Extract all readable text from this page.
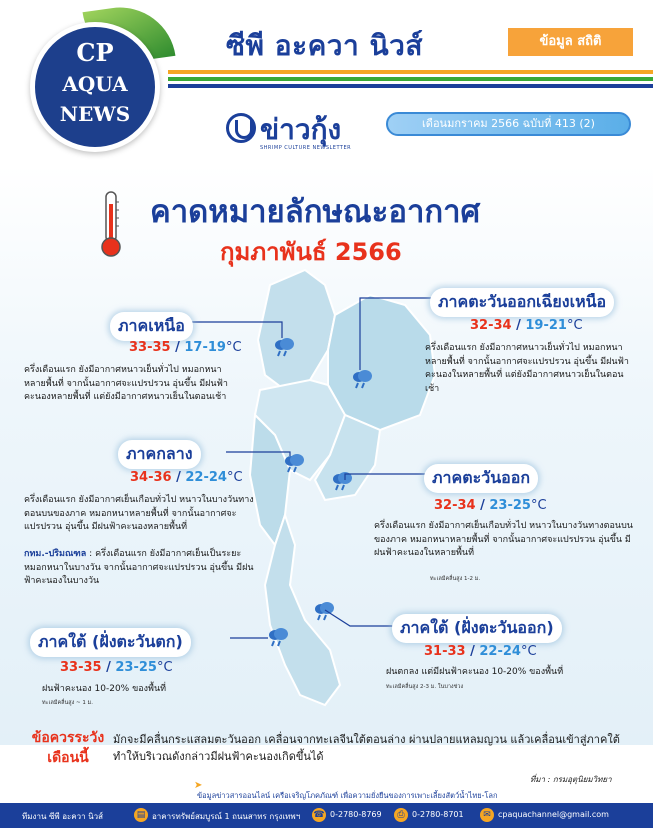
CP
AQUA
NEWS
ซีพี อะควา นิวส์	ข้อมูล สถิติ
ข่าวกุ้ง
SHRIMP CULTURE NEWSLETTER
เดือนมกราคม 2566 ฉบับที่ 413 (2)
คาดหมายลักษณะอากาศ
กุมภาพันธ์ 2566
ภาคเหนือ
33-35 / 17-19°C
ครึ่งเดือนแรก ยังมีอากาศหนาวเย็นทั่วไป หมอกหนาหลายพื้นที่ จากนั้นอากาศจะแปรปรวน อุ่นขึ้น มีฝนฟ้าคะนองหลายพื้นที่ แต่ยังมีอากาศหนาวเย็นในตอนเช้า
ภาคตะวันออกเฉียงเหนือ
32-34 / 19-21°C
ครึ่งเดือนแรก ยังมีอากาศหนาวเย็นทั่วไป หมอกหนาหลายพื้นที่ จากนั้นอากาศจะแปรปรวน อุ่นขึ้น มีฝนฟ้าคะนองในหลายพื้นที่ แต่ยังมีอากาศหนาวเย็นในตอนเช้า
ภาคกลาง
34-36 / 22-24°C
ครึ่งเดือนแรก ยังมีอากาศเย็นเกือบทั่วไป หนาวในบางวันทางตอนบนของภาค หมอกหนาหลายพื้นที่ จากนั้นอากาศจะแปรปรวน อุ่นขึ้น มีฝนฟ้าคะนองหลายพื้นที่
กทม.-ปริมณฑล : ครึ่งเดือนแรก ยังมีอากาศเย็นเป็นระยะ หมอกหนาในบางวัน จากนั้นอากาศจะแปรปรวน อุ่นขึ้น มีฝนฟ้าคะนองในบางวัน
ภาคตะวันออก
32-34 / 23-25°C
ครึ่งเดือนแรก ยังมีอากาศเย็นเกือบทั่วไป หนาวในบางวันทางตอนบนของภาค หมอกหนาหลายพื้นที่ จากนั้นอากาศจะแปรปรวน อุ่นขึ้น มีฝนฟ้าคะนองในหลายพื้นที่
ทะเลมีคลื่นสูง 1-2 ม.
ภาคใต้ (ฝั่งตะวันตก)
33-35 / 23-25°C
ฝนฟ้าคะนอง 10-20% ของพื้นที่
ทะเลมีคลื่นสูง ~ 1 ม.
ภาคใต้ (ฝั่งตะวันออก)
31-33 / 22-24°C
ฝนตกลง แต่มีฝนฟ้าคะนอง 10-20% ของพื้นที่
ทะเลมีคลื่นสูง 2-3 ม. ในบางช่วง
ข้อควรระวัง
เดือนนี้
มักจะมีคลื่นกระแสลมตะวันออก เคลื่อนจากทะเลจีนใต้ตอนล่าง ผ่านปลายแหลมญวน แล้วเคลื่อนเข้าสู่ภาคใต้ ทำให้บริเวณดังกล่าวมีฝนฟ้าคะนองเกิดขึ้นได้
ที่มา : กรมอุตุนิยมวิทยา
➤
ข้อมูลข่าวสารออนไลน์ เครือเจริญโภคภัณฑ์ เพื่อความยั่งยืนของการเพาะเลี้ยงสัตว์น้ำไทย-โลก
ทีมงาน ซีพี อะควา นิวส์	▤ อาคารทรัพย์สมบูรณ์ 1 ถนนสาทร กรุงเทพฯ ☎ 0-2780-8769	⎙ 0-2780-8701	✉ cpaquachannel@gmail.com
